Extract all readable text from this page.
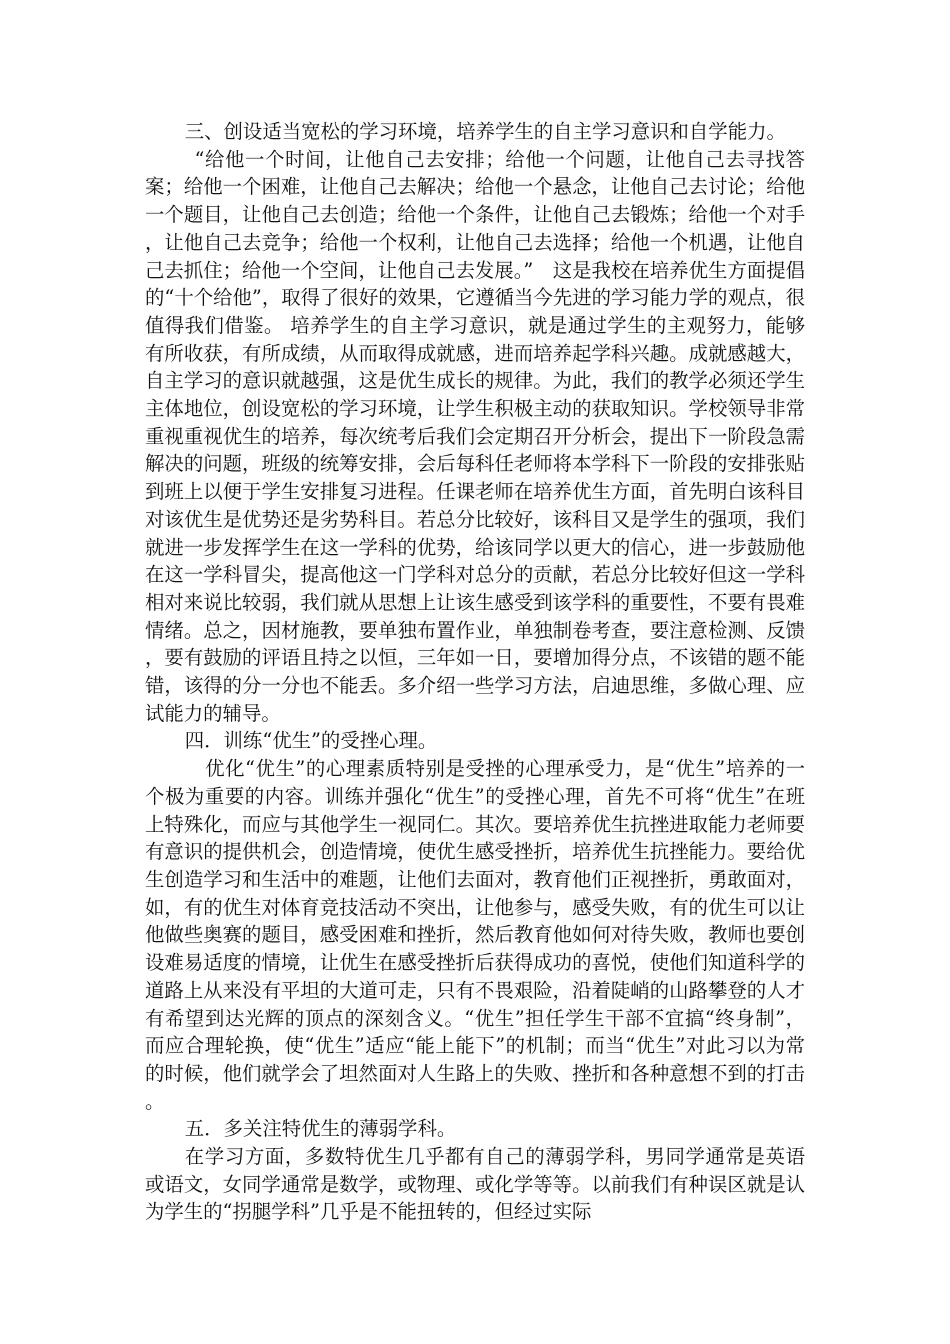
三、创设适当宽松的学习环境，培养学生的自主学习意识和自学能力。

“给他一个时间，让他自己去安排；给他一个问题，让他自己去寻找答案；给他一个困难，让他自己去解决；给他一个悬念，让他自己去讨论；给他一个题目，让他自己去创造；给他一个条件，让他自己去锻炼；给他一个对手，让他自己去竞争；给他一个权利，让他自己去选择；给他一个机遇，让他自己去抓住；给他一个空间，让他自己去发展。”　这是我校在培养优生方面提倡的“十个给他”，取得了很好的效果，它遵循当今先进的学习能力学的观点，很值得我们借鉴。 培养学生的自主学习意识，就是通过学生的主观努力，能够有所收获，有所成绩，从而取得成就感，进而培养起学科兴趣。成就感越大，自主学习的意识就越强，这是优生成长的规律。为此，我们的教学必须还学生主体地位，创设宽松的学习环境，让学生积极主动的获取知识。学校领导非常重视重视优生的培养，每次统考后我们会定期召开分析会，提出下一阶段急需解决的问题，班级的统筹安排，会后每科任老师将本学科下一阶段的安排张贴到班上以便于学生安排复习进程。任课老师在培养优生方面，首先明白该科目对该优生是优势还是劣势科目。若总分比较好，该科目又是学生的强项，我们就进一步发挥学生在这一学科的优势，给该同学以更大的信心，进一步鼓励他在这一学科冒尖，提高他这一门学科对总分的贡献，若总分比较好但这一学科相对来说比较弱，我们就从思想上让该生感受到该学科的重要性，不要有畏难情绪。总之，因材施教，要单独布置作业，单独制卷考查，要注意检测、反馈，要有鼓励的评语且持之以恒，三年如一日，要增加得分点，不该错的题不能错，该得的分一分也不能丢。多介绍一些学习方法，启迪思维，多做心理、应试能力的辅导。

四．训练“优生”的受挫心理。

优化“优生”的心理素质特别是受挫的心理承受力，是“优生”培养的一个极为重要的内容。训练并强化“优生”的受挫心理，首先不可将“优生”在班上特殊化，而应与其他学生一视同仁。其次。要培养优生抗挫进取能力老师要有意识的提供机会，创造情境，使优生感受挫折，培养优生抗挫能力。要给优生创造学习和生活中的难题，让他们去面对，教育他们正视挫折，勇敢面对，如，有的优生对体育竞技活动不突出，让他参与，感受失败，有的优生可以让他做些奥赛的题目，感受困难和挫折，然后教育他如何对待失败，教师也要创设难易适度的情境，让优生在感受挫折后获得成功的喜悦，使他们知道科学的道路上从来没有平坦的大道可走，只有不畏艰险，沿着陡峭的山路攀登的人才有希望到达光辉的顶点的深刻含义。“优生”担任学生干部不宜搞“终身制”，而应合理轮换，使“优生”适应“能上能下”的机制；而当“优生”对此习以为常的时候，他们就学会了坦然面对人生路上的失败、挫折和各种意想不到的打击。

五．多关注特优生的薄弱学科。

在学习方面，多数特优生几乎都有自己的薄弱学科，男同学通常是英语或语文，女同学通常是数学，或物理、或化学等等。以前我们有种误区就是认为学生的“拐腿学科”几乎是不能扭转的，但经过实际
